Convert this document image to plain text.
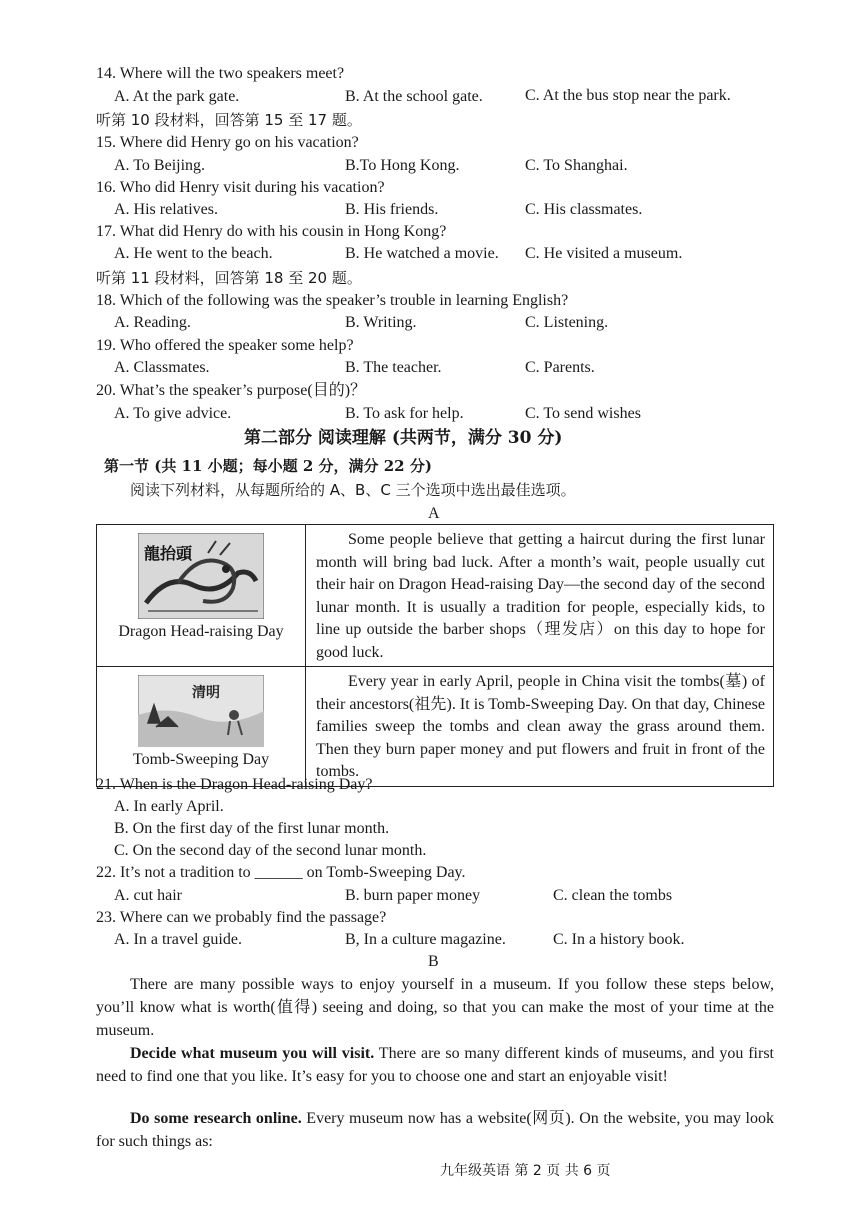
14. Where will the two speakers meet?
A. At the park gate.	B. At the school gate.	C. At the bus stop near the park.
听第 10 段材料，回答第 15 至 17 题。
15. Where did Henry go on his vacation?
A. To Beijing.	B.To Hong Kong.	C. To Shanghai.
16. Who did Henry visit during his vacation?
A. His relatives.	B. His friends.	C. His classmates.
17. What did Henry do with his cousin in Hong Kong?
A. He went to the beach.	B. He watched a movie. C. He visited a museum.
听第 11 段材料，回答第 18 至 20 题。
18. Which of the following was the speaker’s trouble in learning English?
A. Reading.	B. Writing.	C. Listening.
19. Who offered the speaker some help?
A. Classmates.	B. The teacher.	C. Parents.
20. What’s the speaker’s purpose(目的)？
A. To give advice.	B. To ask for help.	C. To send wishes
第二部分 阅读理解 (共两节，满分 30 分)
第一节 (共 11 小题；每小题 2 分，满分 22 分)
阅读下列材料，从每题所给的 A、B、C 三个选项中选出最佳选项。
A
龍抬頭
Dragon Head-raising Day	Some people believe that getting a haircut during the first lunar month will bring bad luck. After a month’s wait, people usually cut their hair on Dragon Head-raising Day—the second day of the second lunar month. It is usually a tradition for people, especially kids, to line up outside the barber shops（理发店）on this day to hope for good luck.

清明
Tomb-Sweeping Day	Every year in early April, people in China visit the tombs(墓) of their ancestors(祖先). It is Tomb-Sweeping Day. On that day, Chinese families sweep the tombs and clean away the grass around them. Then they burn paper money and put flowers and fruit in front of the tombs.

21. When is the Dragon Head-raising Day?
A. In early April.
B. On the first day of the first lunar month.
C. On the second day of the second lunar month.
22. It’s not a tradition to ______ on Tomb-Sweeping Day.
A. cut hair	B. burn paper money	C. clean the tombs
23. Where can we probably find the passage?
A. In a travel guide.	B, In a culture magazine.	C. In a history book.
B

There are many possible ways to enjoy yourself in a museum. If you follow these steps below, you’ll know what is worth(值得) seeing and doing, so that you can make the most of your time at the museum.

Decide what museum you will visit. There are so many different kinds of museums, and you first need to find one that you like. It’s easy for you to choose one and start an enjoyable visit!

Do some research online. Every museum now has a website(网页). On the website, you may look for such things as:

九年级英语 第 2 页 共 6 页
